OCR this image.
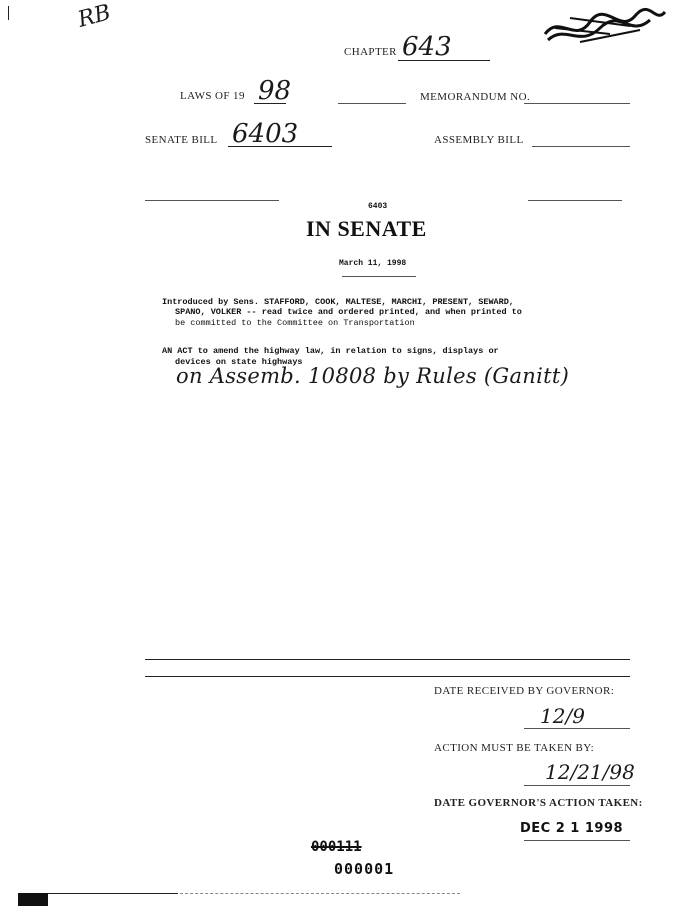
RB
CHAPTER 643
LAWS OF 19 98	MEMORANDUM NO.
SENATE BILL 6403	ASSEMBLY BILL
6403
IN SENATE
March 11, 1998
Introduced by Sens. STAFFORD, COOK, MALTESE, MARCHI, PRESENT, SEWARD,
SPANO, VOLKER -- read twice and ordered printed, and when printed to
be committed to the Committee on Transportation
AN ACT to amend the highway law, in relation to signs, displays or
devices on state highways
on Assemb. 10808 by Rules (Ganitt)
DATE RECEIVED BY GOVERNOR:
12/9
ACTION MUST BE TAKEN BY:
12/21/98
DATE GOVERNOR'S ACTION TAKEN:
DEC 2 1 1998
000111
000001
